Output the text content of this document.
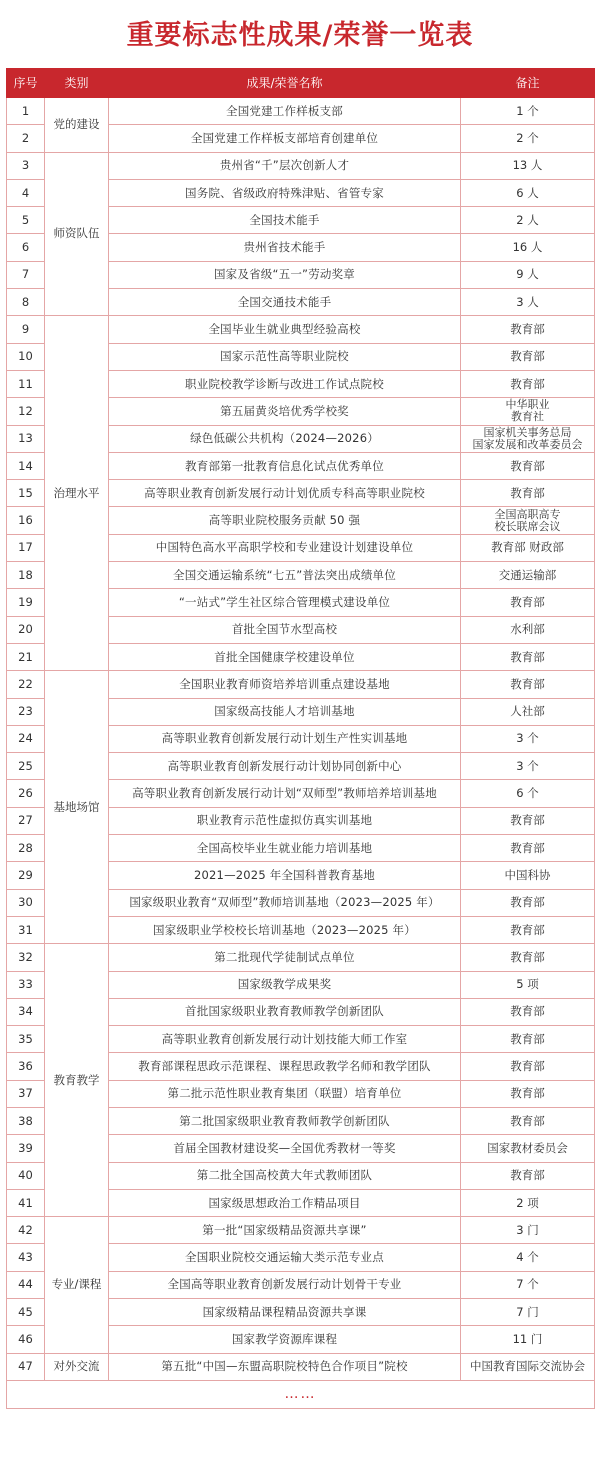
重要标志性成果/荣誉一览表
序号	类别	成果/荣誉名称	备注
1	党的建设	全国党建工作样板支部	1 个
2		全国党建工作样板支部培育创建单位	2 个
3	师资队伍	贵州省“千”层次创新人才	13 人
4		国务院、省级政府特殊津贴、省管专家	6 人
5		全国技术能手	2 人
6		贵州省技术能手	16 人
7		国家及省级“五一”劳动奖章	9 人
8		全国交通技术能手	3 人
9	治理水平	全国毕业生就业典型经验高校	教育部
10		国家示范性高等职业院校	教育部
11		职业院校教学诊断与改进工作试点院校	教育部
12		第五届黄炎培优秀学校奖	中华职业
教育社
13		绿色低碳公共机构（2024—2026）	国家机关事务总局
国家发展和改革委员会
14		教育部第一批教育信息化试点优秀单位	教育部
15		高等职业教育创新发展行动计划优质专科高等职业院校	教育部
16		高等职业院校服务贡献 50 强	全国高职高专
校长联席会议
17		中国特色高水平高职学校和专业建设计划建设单位	教育部 财政部
18		全国交通运输系统“七五”普法突出成绩单位	交通运输部
19		“一站式”学生社区综合管理模式建设单位	教育部
20		首批全国节水型高校	水利部
21		首批全国健康学校建设单位	教育部
22	基地场馆	全国职业教育师资培养培训重点建设基地	教育部
23		国家级高技能人才培训基地	人社部
24		高等职业教育创新发展行动计划生产性实训基地	3 个
25		高等职业教育创新发展行动计划协同创新中心	3 个
26		高等职业教育创新发展行动计划“双师型”教师培养培训基地	6 个
27		职业教育示范性虚拟仿真实训基地	教育部
28		全国高校毕业生就业能力培训基地	教育部
29		2021—2025 年全国科普教育基地	中国科协
30		国家级职业教育“双师型”教师培训基地（2023—2025 年）	教育部
31		国家级职业学校校长培训基地（2023—2025 年）	教育部
32	教育教学	第二批现代学徒制试点单位	教育部
33		国家级教学成果奖	5 项
34		首批国家级职业教育教师教学创新团队	教育部
35		高等职业教育创新发展行动计划技能大师工作室	教育部
36		教育部课程思政示范课程、课程思政教学名师和教学团队	教育部
37		第二批示范性职业教育集团（联盟）培育单位	教育部
38		第二批国家级职业教育教师教学创新团队	教育部
39		首届全国教材建设奖—全国优秀教材一等奖	国家教材委员会
40		第二批全国高校黄大年式教师团队	教育部
41		国家级思想政治工作精品项目	2 项
42	专业/课程	第一批“国家级精品资源共享课”	3 门
43		全国职业院校交通运输大类示范专业点	4 个
44		全国高等职业教育创新发展行动计划骨干专业	7 个
45		国家级精品课程精品资源共享课	7 门
46		国家教学资源库课程	11 门
47	对外交流	第五批“中国—东盟高职院校特色合作项目”院校	中国教育国际交流协会
……			
